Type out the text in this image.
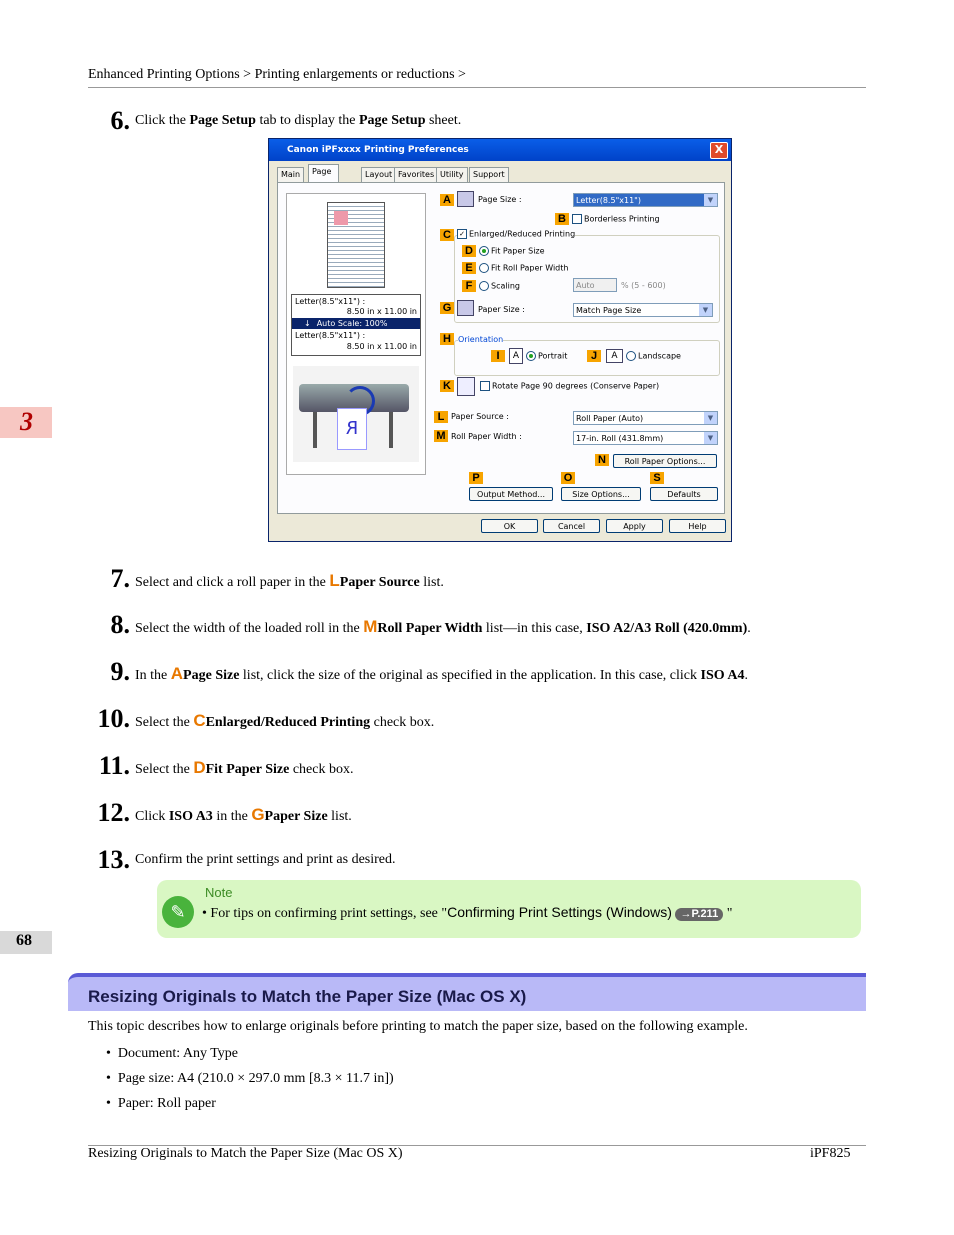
Enhanced Printing Options > Printing enlargements or reductions >
3
68
6. Click the Page Setup tab to display the Page Setup sheet.
Canon iPFxxxx Printing Preferences	X
Main	Page	Layout Favorites Utility	Support
Letter(8.5"x11") :
8.50 in x 11.00 in
↓ Auto Scale: 100%
Letter(8.5"x11") :
8.50 in x 11.00 in
R
A	Page Size :	Letter(8.5"x11")	▼
B	Borderless Printing
C	✓ Enlarged/Reduced Printing
D	Fit Paper Size
E	Fit Roll Paper Width
F	Scaling	Auto	% (5 - 600)
G	Paper Size :	Match Page Size	▼
H Orientation
I	A	Portrait	J	A	Landscape
K	Rotate Page 90 degrees (Conserve Paper)
L Paper Source :	Roll Paper (Auto)	▼
M Roll Paper Width :	17-in. Roll (431.8mm)	▼
N	Roll Paper Options...
P	O	S
Output Method...	Size Options...	Defaults
OK	Cancel	Apply	Help
7. Select and click a roll paper in the LPaper Source list.
8. Select the width of the loaded roll in the MRoll Paper Width list—in this case, ISO A2/A3 Roll (420.0mm).
9. In the APage Size list, click the size of the original as specified in the application. In this case, click ISO A4.
10. Select the CEnlarged/Reduced Printing check box.
11. Select the DFit Paper Size check box.
12. Click ISO A3 in the GPaper Size list.
13. Confirm the print settings and print as desired.
✎
Note
• For tips on confirming print settings, see "Confirming Print Settings (Windows) →P.211 "
Resizing Originals to Match the Paper Size (Mac OS X)
This topic describes how to enlarge originals before printing to match the paper size, based on the following example.
• Document: Any Type
• Page size: A4 (210.0 × 297.0 mm [8.3 × 11.7 in])
• Paper: Roll paper
Resizing Originals to Match the Paper Size (Mac OS X)	iPF825
